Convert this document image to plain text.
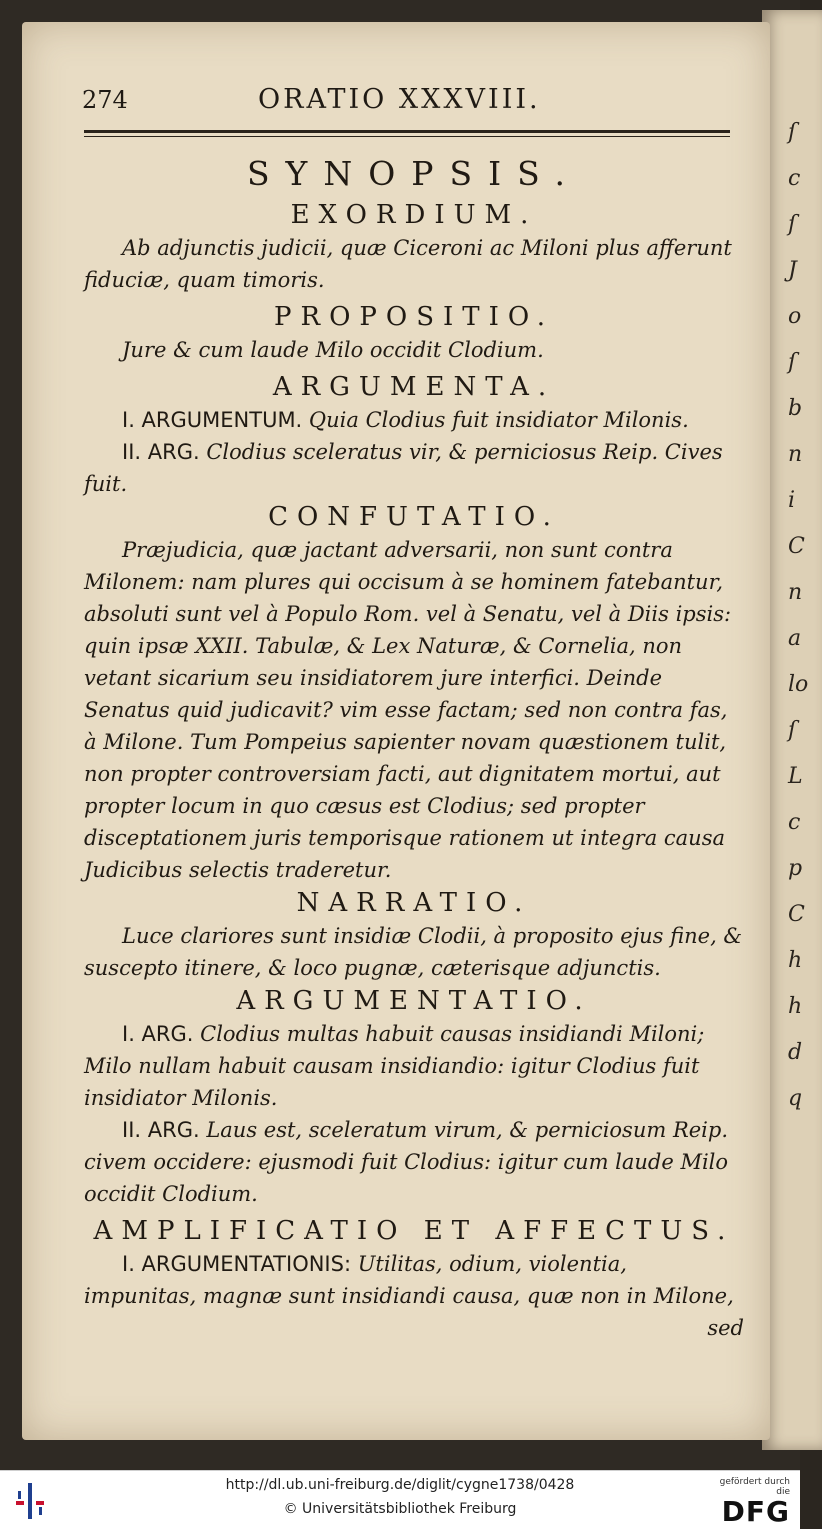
ſ
c
ſ
J
o
ſ
b
n
i
C
n
a
lo
ſ
L
c
p
C
h
h
d
q
274	ORATIO XXXVIII.

SYNOPSIS.

EXORDIUM.

Ab adjunctis judicii, quæ Ciceroni ac Miloni plus afferunt fiduciæ, quam timoris.

PROPOSITIO.

Jure & cum laude Milo occidit Clodium.

ARGUMENTA.

I. ARGUMENTUM. Quia Clodius fuit insidiator Milonis.

II. ARG. Clodius sceleratus vir, & perniciosus Reip. Cives fuit.

CONFUTATIO.

Præjudicia, quæ jactant adversarii, non sunt contra Milonem: nam plures qui occisum à se hominem fatebantur, absoluti sunt vel à Populo Rom. vel à Senatu, vel à Diis ipsis: quin ipsæ XXII. Tabulæ, & Lex Naturæ, & Cornelia, non vetant sicarium seu insidiatorem jure interfici. Deinde Senatus quid judicavit? vim esse factam; sed non contra fas, à Milone. Tum Pompeius sapienter novam quæstionem tulit, non propter controversiam facti, aut dignitatem mortui, aut propter locum in quo cæsus est Clodius; sed propter disceptationem juris temporisque rationem ut integra causa Judicibus selectis traderetur.

NARRATIO.

Luce clariores sunt insidiæ Clodii, à proposito ejus fine, & suscepto itinere, & loco pugnæ, cæterisque adjunctis.

ARGUMENTATIO.

I. ARG. Clodius multas habuit causas insidiandi Miloni; Milo nullam habuit causam insidiandio: igitur Clodius fuit insidiator Milonis.

II. ARG. Laus est, sceleratum virum, & perniciosum Reip. civem occidere: ejusmodi fuit Clodius: igitur cum laude Milo occidit Clodium.

AMPLIFICATIO ET AFFECTUS.

I. ARGUMENTATIONIS: Utilitas, odium, violentia, impunitas, magnæ sunt insidiandi causa, quæ non in Milone,

sed

http://dl.ub.uni-freiburg.de/diglit/cygne1738/0428
© Universitätsbibliothek Freiburg
gefördert durch die
DFG
